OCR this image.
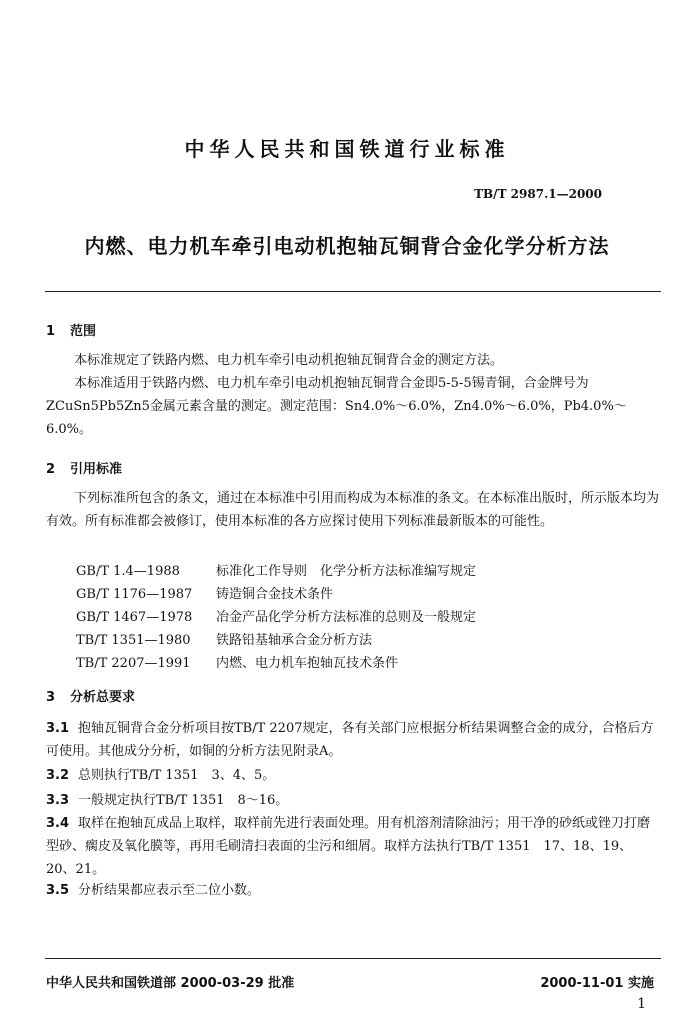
中华人民共和国铁道行业标准
TB/T 2987.1—2000
内燃、电力机车牵引电动机抱轴瓦铜背合金化学分析方法
1 范围
本标准规定了铁路内燃、电力机车牵引电动机抱轴瓦铜背合金的测定方法。
本标准适用于铁路内燃、电力机车牵引电动机抱轴瓦铜背合金即5-5-5锡青铜，合金牌号为ZCuSn5Pb5Zn5金属元素含量的测定。测定范围：Sn4.0%～6.0%，Zn4.0%～6.0%，Pb4.0%～6.0%。
2 引用标准
下列标准所包含的条文，通过在本标准中引用而构成为本标准的条文。在本标准出版时，所示版本均为有效。所有标准都会被修订，使用本标准的各方应探讨使用下列标准最新版本的可能性。
GB/T 1.4—1988	标准化工作导则　化学分析方法标准编写规定
GB/T 1176—1987 铸造铜合金技术条件
GB/T 1467—1978 冶金产品化学分析方法标准的总则及一般规定
TB/T 1351—1980 铁路铅基轴承合金分析方法
TB/T 2207—1991 内燃、电力机车抱轴瓦技术条件
3 分析总要求
3.1 抱轴瓦铜背合金分析项目按TB/T 2207规定，各有关部门应根据分析结果调整合金的成分，合格后方可使用。其他成分分析，如铜的分析方法见附录A。
3.2 总则执行TB/T 1351　3、4、5。
3.3 一般规定执行TB/T 1351　8～16。
3.4 取样在抱轴瓦成品上取样，取样前先进行表面处理。用有机溶剂清除油污；用干净的砂纸或锉刀打磨型砂、瘸皮及氧化膜等，再用毛刷清扫表面的尘污和细屑。取样方法执行TB/T 1351　17、18、19、20、21。
3.5 分析结果都应表示至二位小数。
中华人民共和国铁道部 2000-03-29 批准	2000-11-01 实施
1
